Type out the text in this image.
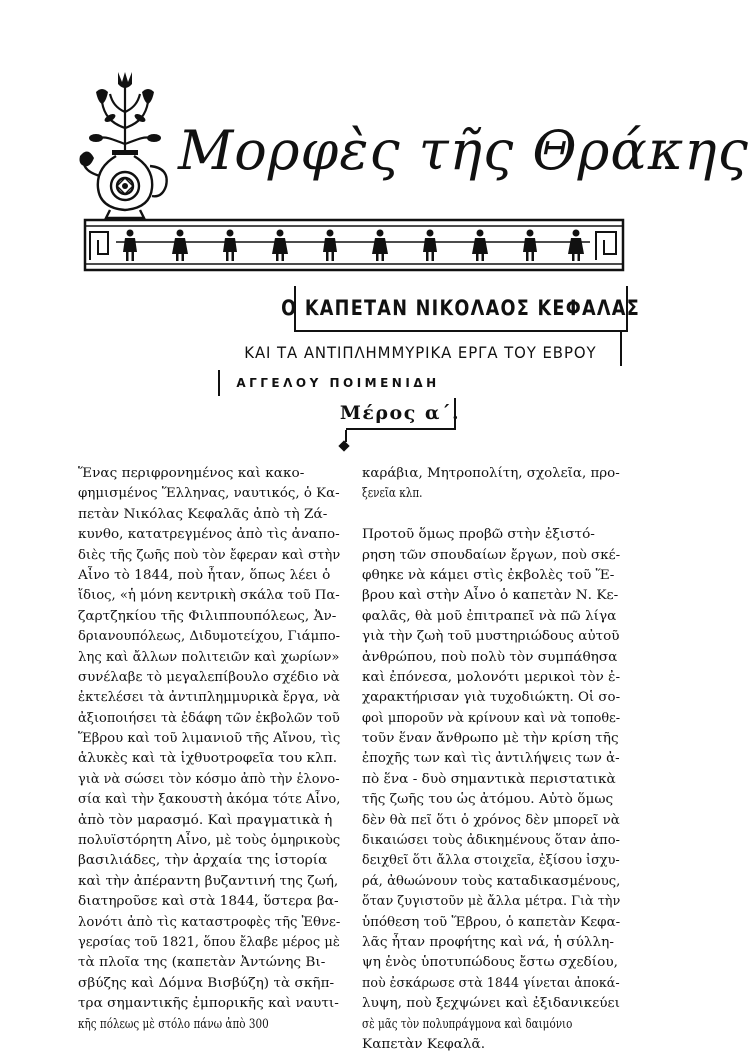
Μορφὲς τῆς Θράκης
Ο ΚΑΠΕΤΑΝ ΝΙΚΟΛΑΟΣ ΚΕΦΑΛΑΣ
ΚΑΙ ΤΑ ΑΝΤΙΠΛΗΜΜΥΡΙΚΑ ΕΡΓΑ ΤΟΥ ΕΒΡΟΥ
ΑΓΓΕΛΟΥ ΠΟΙΜΕΝΙΔΗ
Μέρος α΄.
Ἕνας περιφρονημένος καὶ κακο-
φημισμένος Ἕλληνας, ναυτικός, ὁ Κα-
πετὰν Νικόλας Κεφαλᾶς ἀπὸ τὴ Ζά-
κυνθο, κατατρεγμένος ἀπὸ τὶς ἀναπο-
διὲς τῆς ζωῆς ποὺ τὸν ἔφεραν καὶ στὴν
Αἶνο τὸ 1844, ποὺ ἦταν, ὅπως λέει ὁ
ἴδιος, «ἡ μόνη κεντρικὴ σκάλα τοῦ Πα-
ζαρτζηκίου τῆς Φιλιππουπόλεως, Ἀν-
δριανουπόλεως, Διδυμοτείχου, Γιάμπο-
λης καὶ ἄλλων πολιτειῶν καὶ χωρίων»
συνέλαβε τὸ μεγαλεπίβουλο σχέδιο νὰ
ἐκτελέσει τὰ ἀντιπλημμυρικὰ ἔργα, νὰ
ἀξιοποιήσει τὰ ἐδάφη τῶν ἐκβολῶν τοῦ
Ἕβρου καὶ τοῦ λιμανιοῦ τῆς Αἴνου, τὶς
ἁλυκὲς καὶ τὰ ἰχθυοτροφεῖα του κλπ.
γιὰ νὰ σώσει τὸν κόσμο ἀπὸ τὴν ἑλονο-
σία καὶ τὴν ξακουστὴ ἀκόμα τότε Αἶνο,
ἀπὸ τὸν μαρασμό. Καὶ πραγματικὰ ἡ
πολυϊστόρητη Αἶνο, μὲ τοὺς ὁμηρικοὺς
βασιλιάδες, τὴν ἀρχαία της ἱστορία
καὶ τὴν ἀπέραντη βυζαντινή της ζωή,
διατηροῦσε καὶ στὰ 1844, ὕστερα βα-
λονότι ἀπὸ τὶς καταστροφὲς τῆς Ἐθνε-
γερσίας τοῦ 1821, ὅπου ἔλαβε μέρος μὲ
τὰ πλοῖα της (καπετὰν Ἀντώνης Βι-
σβύζης καὶ Δόμνα Βισβύζη) τὰ σκῆπ-
τρα σημαντικῆς ἐμπορικῆς καὶ ναυτι-
κῆς πόλεως μὲ στόλο πάνω ἀπὸ 300
καράβια, Μητροπολίτη, σχολεῖα, προ-
ξενεῖα κλπ.
Προτοῦ ὅμως προβῶ στὴν ἐξιστό-
ρηση τῶν σπουδαίων ἔργων, ποὺ σκέ-
φθηκε νὰ κάμει στὶς ἐκβολὲς τοῦ Ἕ-
βρου καὶ στὴν Αἶνο ὁ καπετὰν Ν. Κε-
φαλᾶς, θὰ μοῦ ἐπιτραπεῖ νὰ πῶ λίγα
γιὰ τὴν ζωὴ τοῦ μυστηριώδους αὐτοῦ
ἀνθρώπου, ποὺ πολὺ τὸν συμπάθησα
καὶ ἐπόνεσα, μολονότι μερικοὶ τὸν ἐ-
χαρακτήρισαν γιὰ τυχοδιώκτη. Οἱ σο-
φοὶ μποροῦν νὰ κρίνουν καὶ νὰ τοποθε-
τοῦν ἕναν ἄνθρωπο μὲ τὴν κρίση τῆς
ἐποχῆς των καὶ τὶς ἀντιλήψεις των ἀ-
πὸ ἕνα - δυὸ σημαντικὰ περιστατικὰ
τῆς ζωῆς του ὡς ἀτόμου. Αὐτὸ ὅμως
δὲν θὰ πεῖ ὅτι ὁ χρόνος δὲν μπορεῖ νὰ
δικαιώσει τοὺς ἀδικημένους ὅταν ἀπο-
δειχθεῖ ὅτι ἄλλα στοιχεῖα, ἐξίσου ἰσχυ-
ρά, ἀθωώνουν τοὺς καταδικασμένους,
ὅταν ζυγιστοῦν μὲ ἄλλα μέτρα. Γιὰ τὴν
ὑπόθεση τοῦ Ἕβρου, ὁ καπετὰν Κεφα-
λᾶς ἦταν προφήτης καὶ νά, ἡ σύλλη-
ψη ἑνὸς ὑποτυπώδους ἔστω σχεδίου,
ποὺ ἐσκάρωσε στὰ 1844 γίνεται ἀποκά-
λυψη, ποὺ ξεχψώνει καὶ ἐξιδανικεύει
σὲ μᾶς τὸν πολυπράγμονα καὶ δαιμόνιο
Καπετὰν Κεφαλᾶ.
